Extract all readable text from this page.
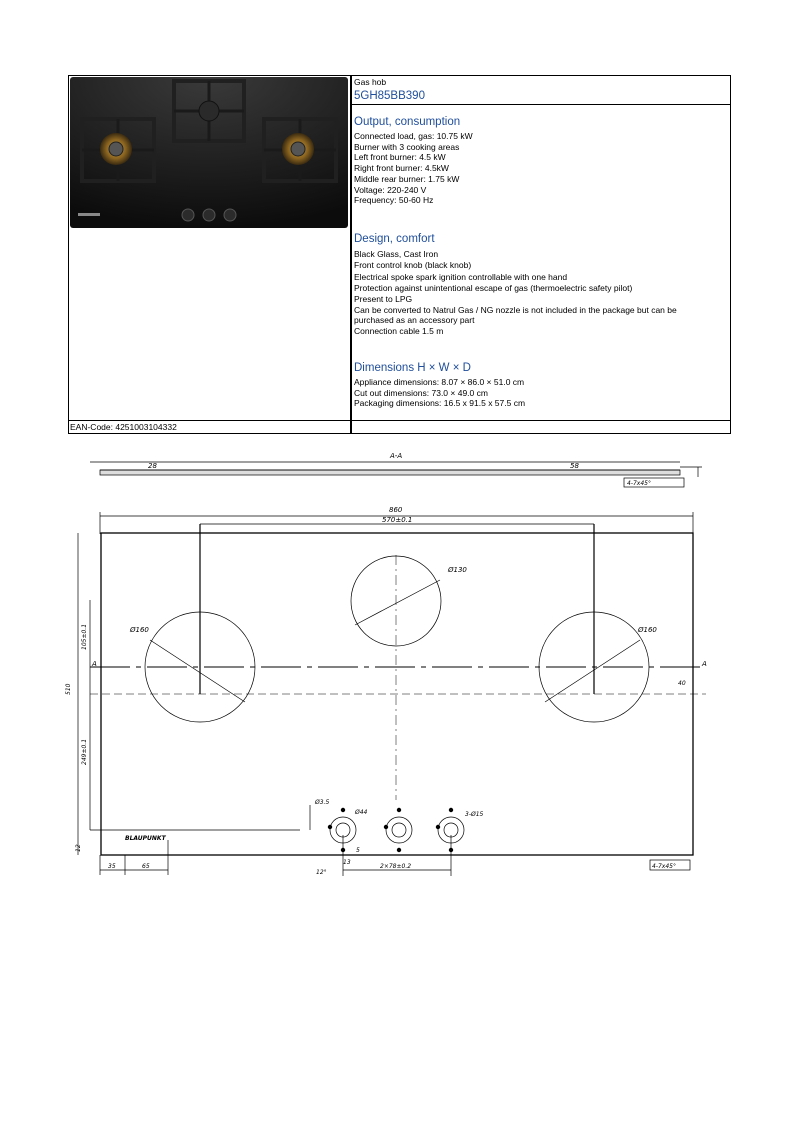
Gas hob
5GH85BB390
Output, consumption
Connected load, gas: 10.75 kW
Burner with 3 cooking areas
Left front burner: 4.5 kW
Right front burner: 4.5kW
Middle rear burner: 1.75 kW
Voltage: 220-240 V
Frequency: 50-60 Hz
Design, comfort
Black Glass, Cast Iron
Front control knob (black knob)
Electrical spoke spark ignition controllable with one hand
Protection against unintentional escape of gas (thermoelectric safety pilot)
Present to LPG
Can be converted to Natrul Gas / NG nozzle is not included in the package but can be
purchased as an accessory part
Connection cable 1.5 m
Dimensions H × W × D
Appliance dimensions: 8.07 × 86.0 × 51.0 cm
Cut out dimensions: 73.0 × 49.0 cm
Packaging dimensions: 16.5 x 91.5 x 57.5 cm
EAN-Code: 4251003104332
A-A
28	58
4-7x45°
860
570±0.1
Ø130
Ø160	Ø160
A	A
40
510
105±0.1
249±0.1
Ø3.5
Ø44	3-Ø15
BLAUPUNKT
35	65
12	5
13
12°
2×78±0.2	4-7x45°
